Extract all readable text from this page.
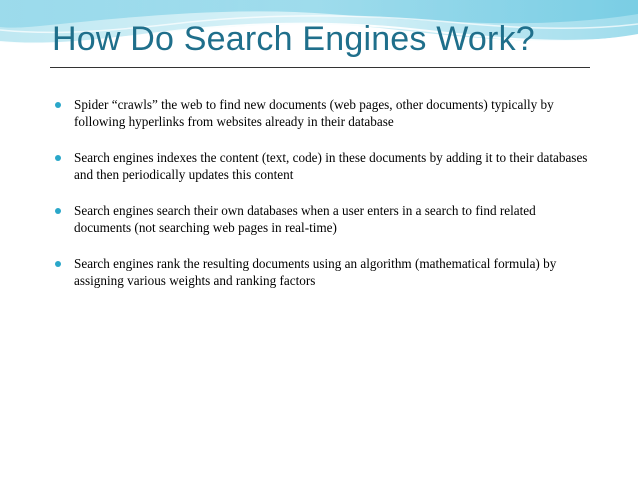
How Do Search Engines Work?
Spider “crawls” the web to find new documents (web pages, other documents) typically by following hyperlinks from websites already in their database
Search engines indexes the content (text, code) in these documents by adding it to their databases and then periodically updates this content
Search engines search their own databases when a user enters in a search to find related documents (not searching web pages in real-time)
Search engines rank the resulting documents using an algorithm (mathematical formula) by assigning various weights and ranking factors
